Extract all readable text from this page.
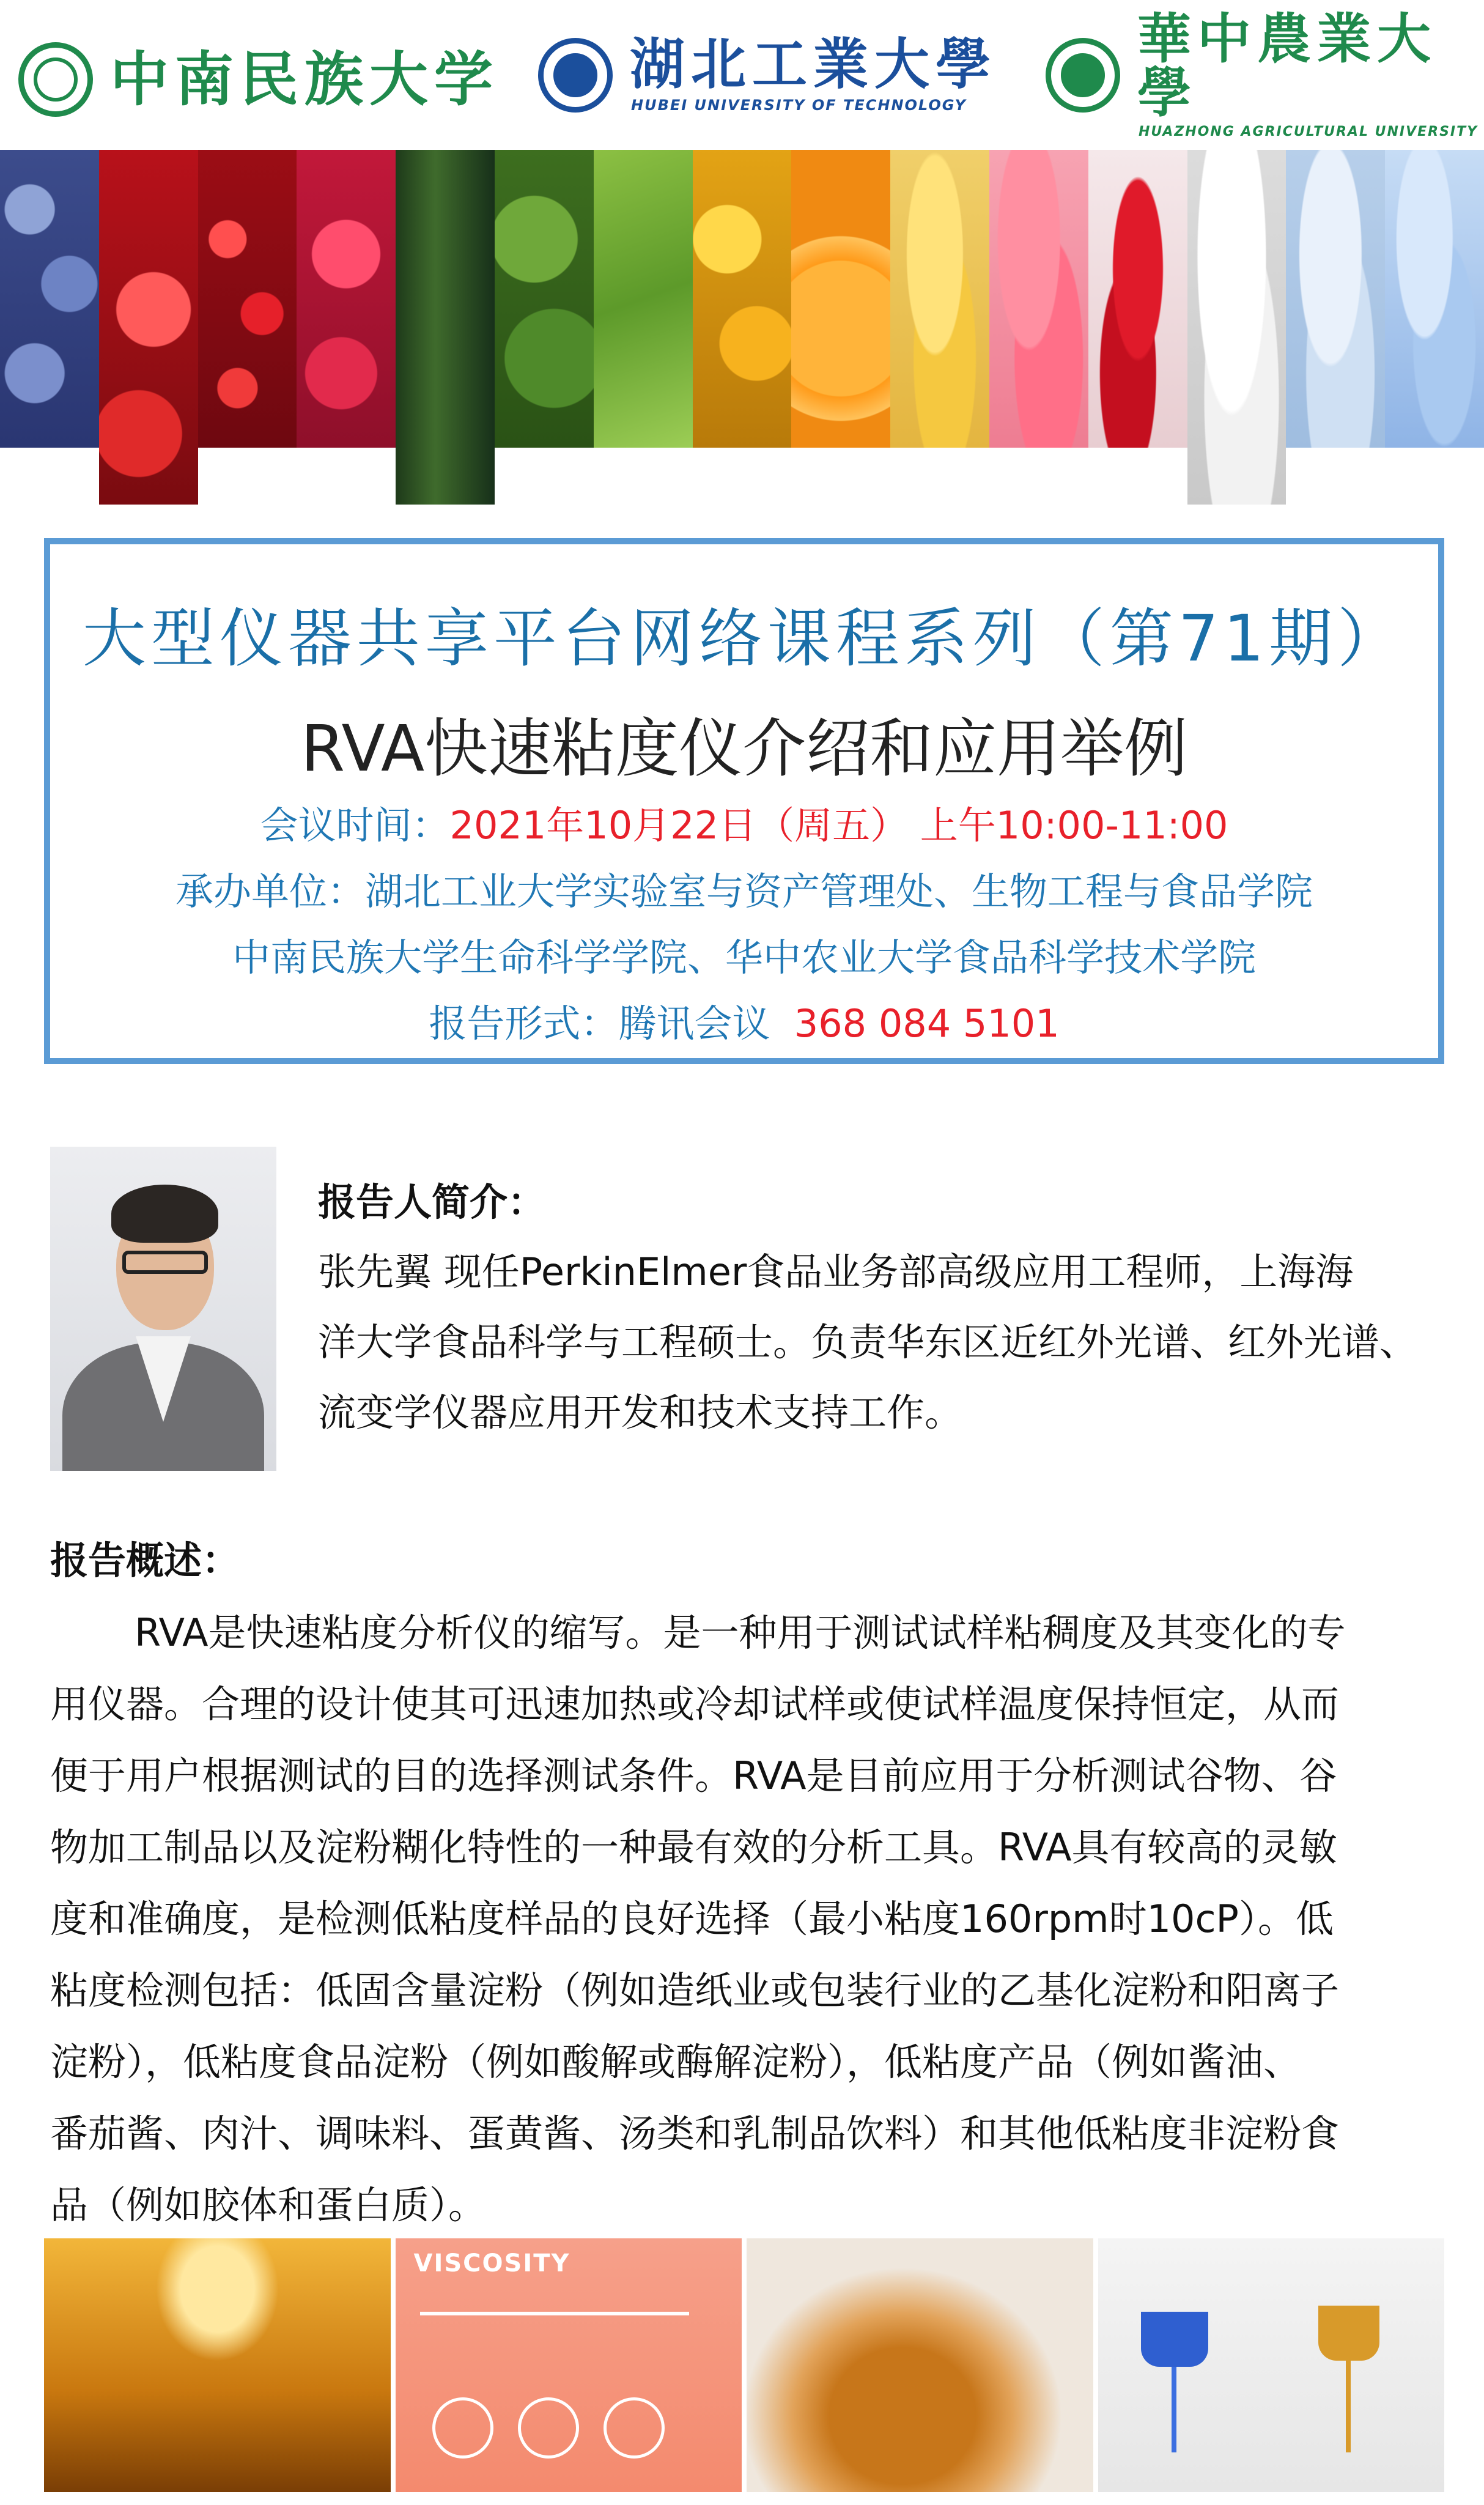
中南民族大学 湖北工業大學
HUBEI UNIVERSITY OF TECHNOLOGY
華中農業大學
HUAZHONG AGRICULTURAL UNIVERSITY
大型仪器共享平台网络课程系列（第71期）
RVA快速粘度仪介绍和应用举例
会议时间：2021年10月22日（周五） 上午10:00-11:00
承办单位：湖北工业大学实验室与资产管理处、生物工程与食品学院
中南民族大学生命科学学院、华中农业大学食品科学技术学院
报告形式：腾讯会议 368 084 5101
报告人简介：
张先翼 现任PerkinElmer食品业务部高级应用工程师，上海海
洋大学食品科学与工程硕士。负责华东区近红外光谱、红外光谱、
流变学仪器应用开发和技术支持工作。
报告概述：
RVA是快速粘度分析仪的缩写。是一种用于测试试样粘稠度及其变化的专
用仪器。合理的设计使其可迅速加热或冷却试样或使试样温度保持恒定，从而
便于用户根据测试的目的选择测试条件。RVA是目前应用于分析测试谷物、谷
物加工制品以及淀粉糊化特性的一种最有效的分析工具。RVA具有较高的灵敏
度和准确度，是检测低粘度样品的良好选择（最小粘度160rpm时10cP）。低
粘度检测包括：低固含量淀粉（例如造纸业或包装行业的乙基化淀粉和阳离子
淀粉），低粘度食品淀粉（例如酸解或酶解淀粉），低粘度产品（例如酱油、
番茄酱、肉汁、调味料、蛋黄酱、汤类和乳制品饮料）和其他低粘度非淀粉食
品（例如胶体和蛋白质）。
VISCOSITY
